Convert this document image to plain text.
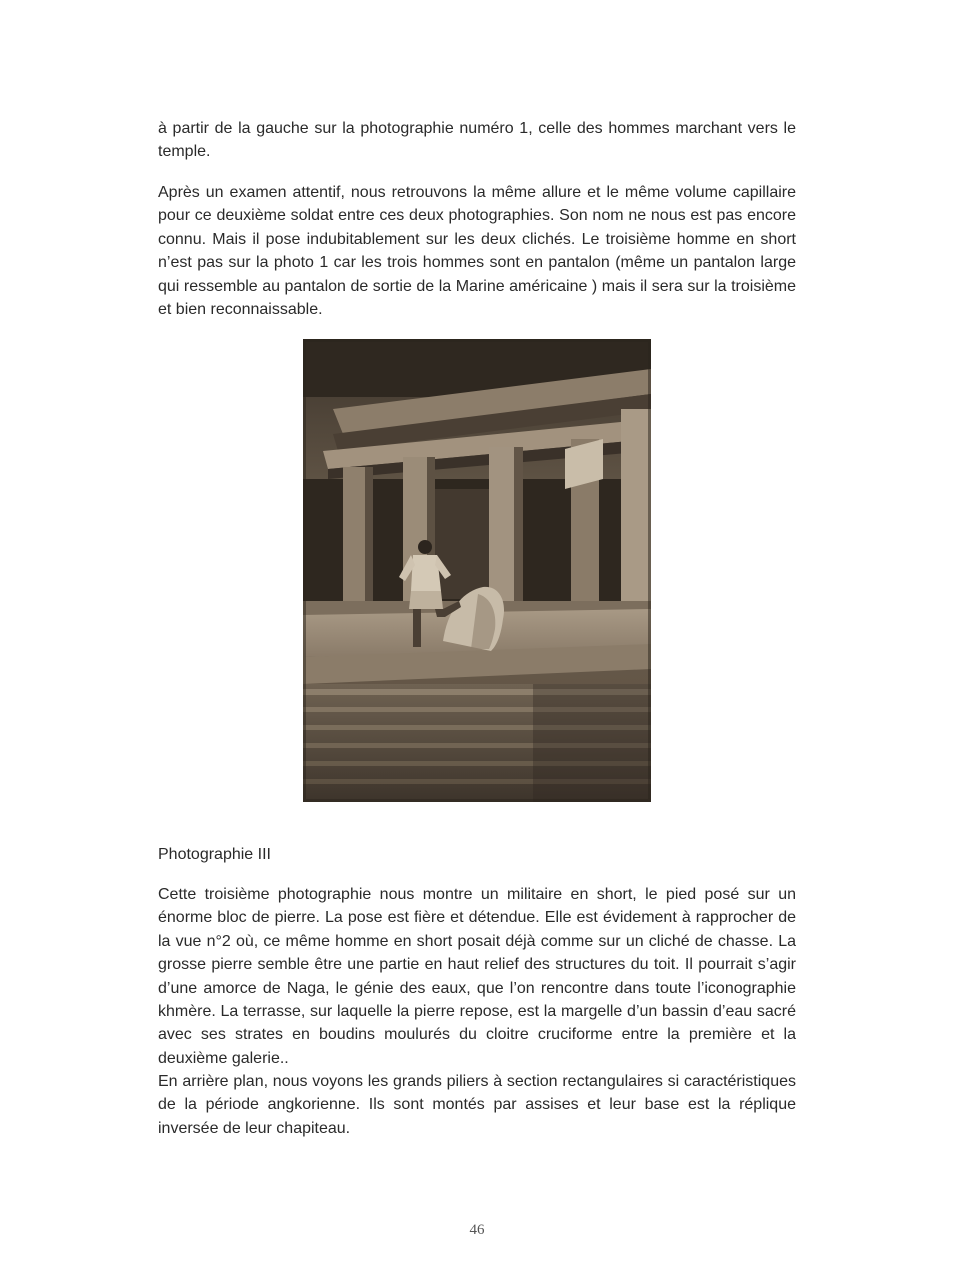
à partir de la gauche sur la photographie numéro 1, celle des hommes marchant vers le temple.

Après un examen attentif, nous retrouvons la même allure et le même volume capillaire pour ce deuxième soldat entre ces deux photographies. Son nom ne nous est pas encore connu. Mais il pose indubitablement sur les deux clichés. Le troisième homme en short n’est pas sur la photo 1 car les trois hommes sont en pantalon (même un pantalon large qui ressemble au pantalon de sortie de la Marine américaine ) mais il sera sur la troisième et bien reconnaissable.

Photographie III

Cette troisième photographie nous montre un militaire en short, le pied posé sur un énorme bloc de pierre. La pose est fière et détendue. Elle est évidement à rapprocher de la vue n°2 où, ce même homme en short posait déjà comme sur un cliché de chasse. La grosse pierre semble être une partie en haut relief des structures du toit. Il pourrait s’agir d’une amorce de Naga, le génie des eaux, que l’on rencontre dans toute l’iconographie khmère. La terrasse, sur laquelle la pierre repose, est la margelle d’un bassin d’eau sacré avec ses strates en boudins moulurés du cloitre cruciforme entre la première et la deuxième galerie..

En arrière plan, nous voyons les grands piliers à section rectangulaires si caractéristiques de la période angkorienne. Ils sont montés par assises et leur base est la réplique inversée de leur chapiteau.

46
